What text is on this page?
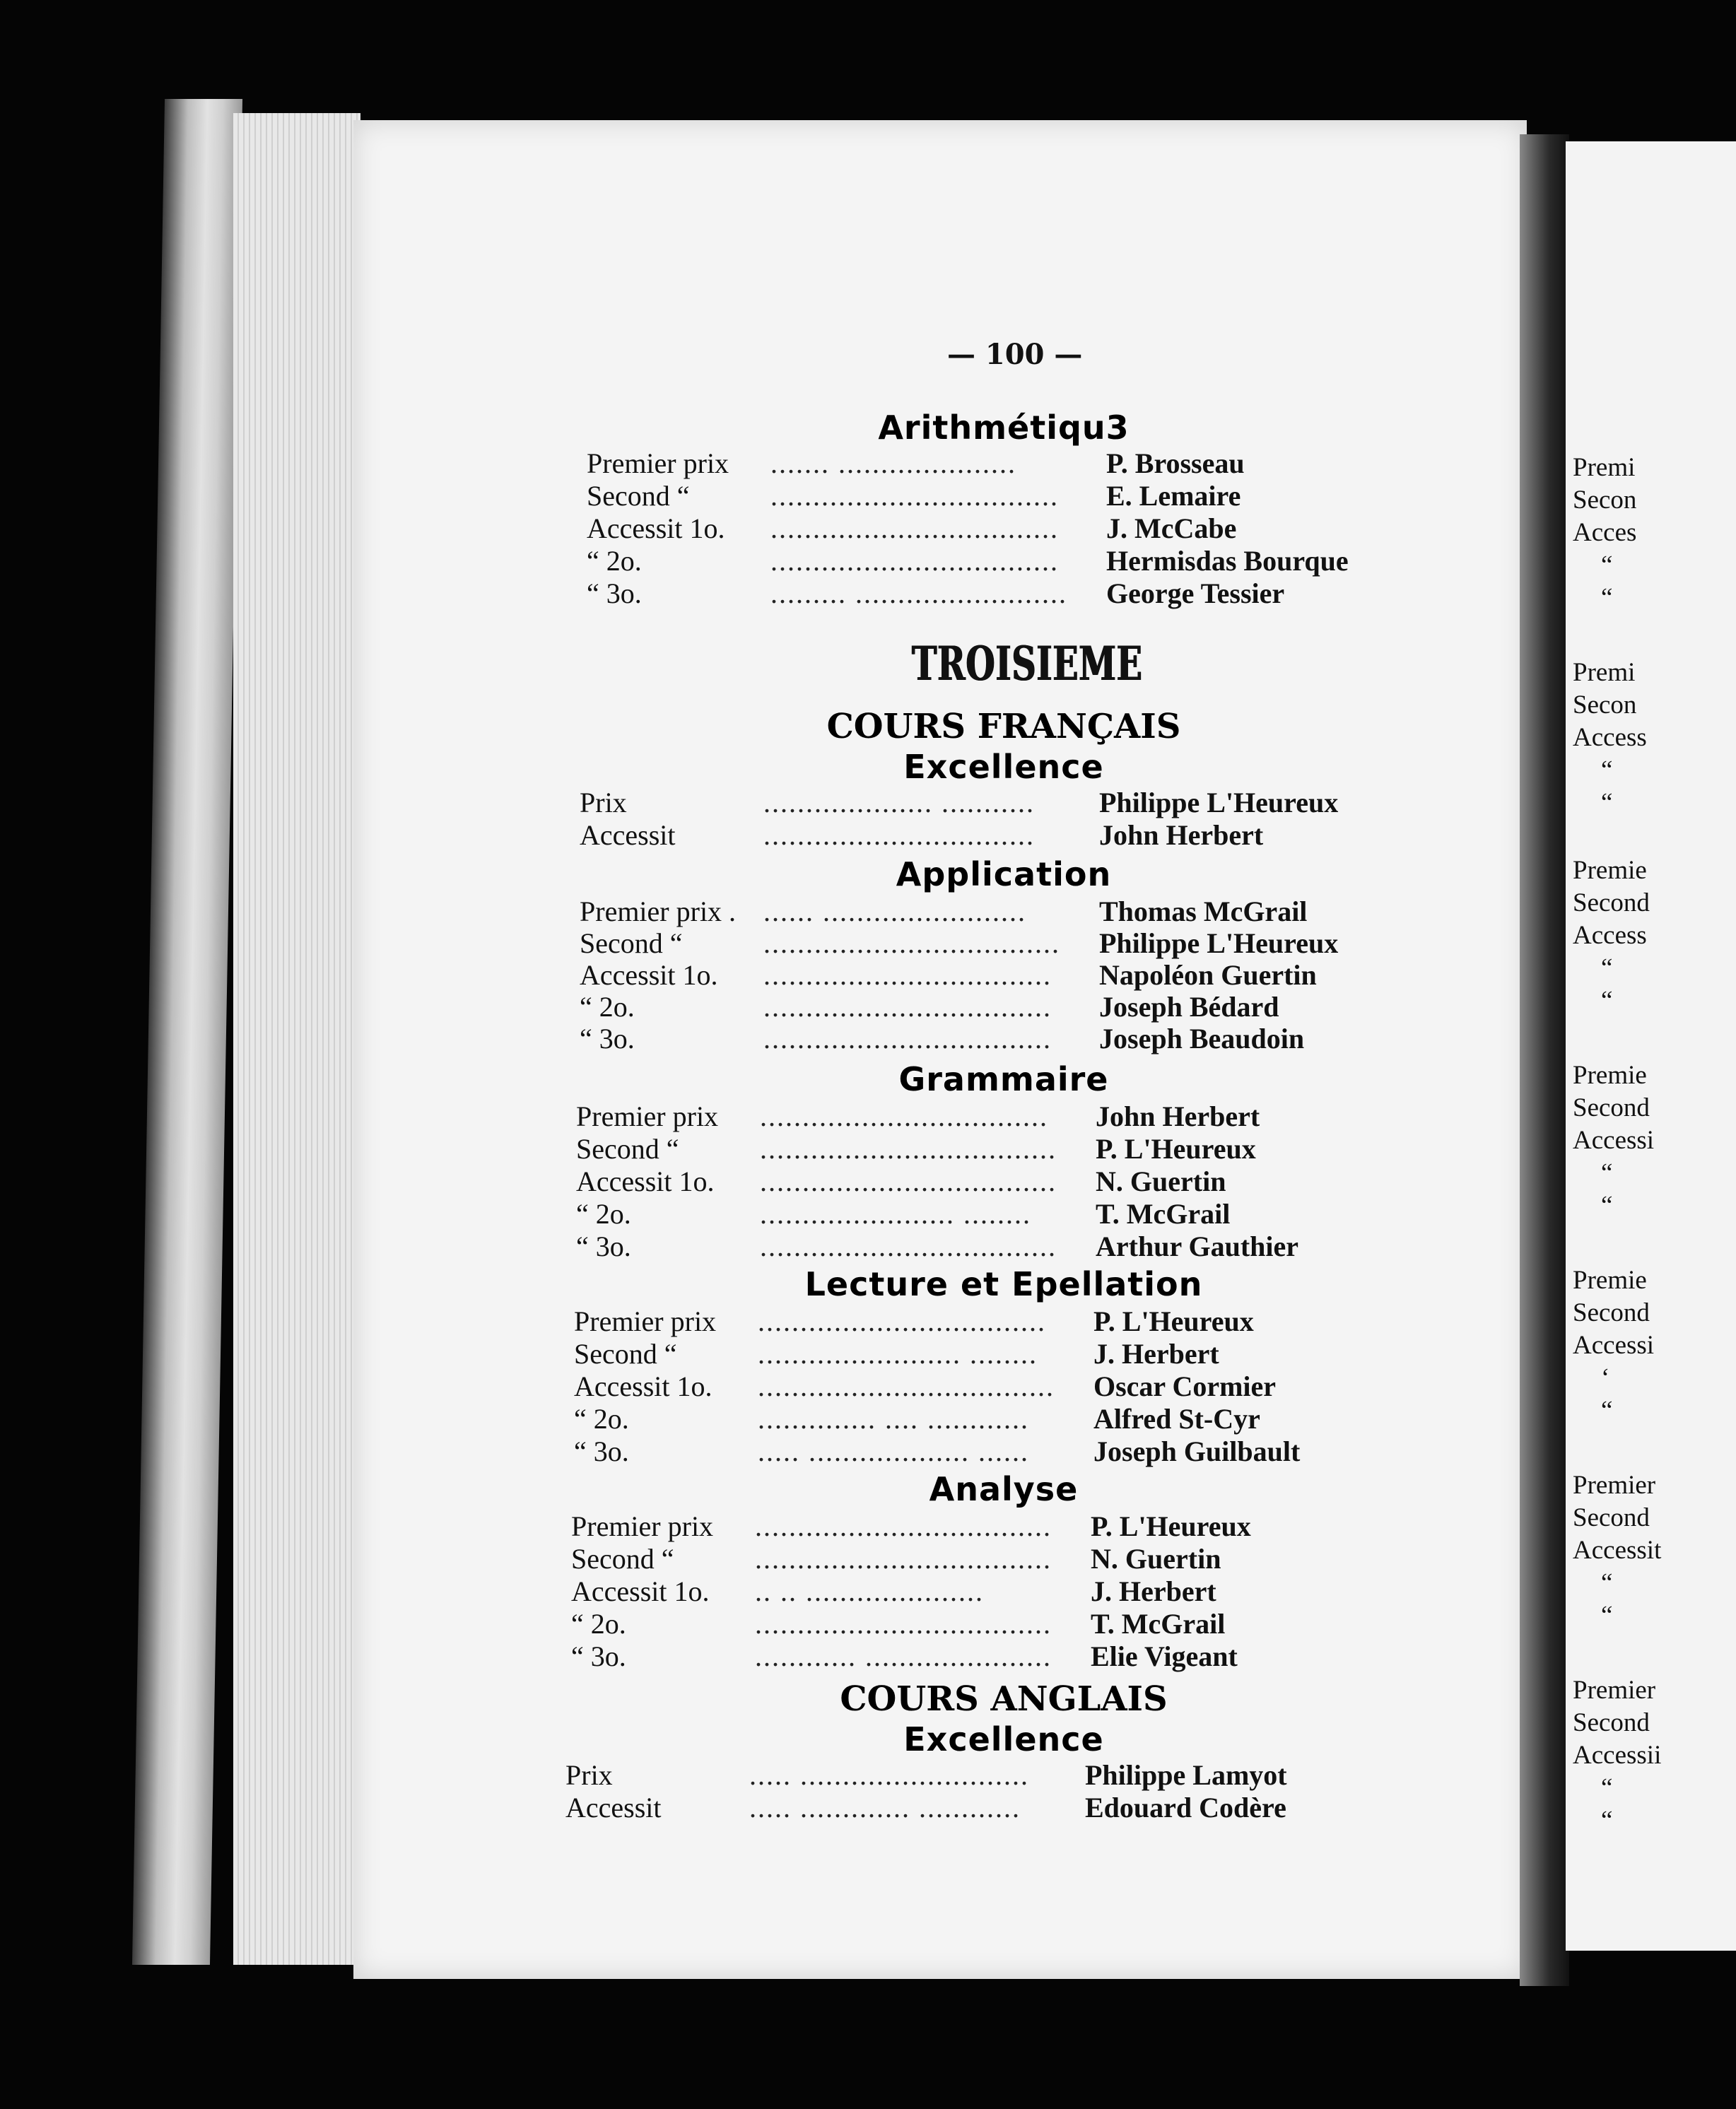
Premi
Secon
Acces
“
“
Premi
Secon
Access
“
“
Premie
Second
Access
“
“
Premie
Second
Accessi
“
“
Premie
Second
Accessi
‘
“
Premier
Second
Accessit
“
“
Premier
Second
Accessii
“
“
— 100 —
Arithmétiqu​3
Premier prix ....... .....................	P. Brosseau
Second “	..................................	E. Lemaire
Accessit 1o. ..................................	J. McCabe
“ 2o.	..................................	Hermisdas Bourque
“ 3o.	......... .........................	George Tessier
TROISIEME
COURS FRANÇAIS
Excellence
Prix	.................... ...........	Philippe L'Heureux
Accessit	................................	John Herbert
Application
Premier prix . ...... ........................	Thomas McGrail
Second “	...................................	Philippe L'Heureux
Accessit 1o. ..................................	Napoléon Guertin
“ 2o.	..................................	Joseph Bédard
“ 3o.	..................................	Joseph Beaudoin
Grammaire
Premier prix ..................................	John Herbert
Second “	...................................	P. L'Heureux
Accessit 1o. ...................................	N. Guertin
“ 2o.	....................... ........	T. McGrail
“ 3o.	...................................	Arthur Gauthier
Lecture et Epellation
Premier prix ..................................	P. L'Heureux
Second “	........................ ........	J. Herbert
Accessit 1o. ...................................	Oscar Cormier
“ 2o.	.............. .... ............	Alfred St-Cyr
“ 3o.	..... ................... ......	Joseph Guilbault
Analyse
Premier prix ...................................	P. L'Heureux
Second “	...................................	N. Guertin
Accessit 1o. .. .. .....................	J. Herbert
“ 2o.	...................................	T. McGrail
“ 3o.	............ ......................	Elie Vigeant
COURS ANGLAIS
Excellence
Prix	..... ...........................	Philippe Lamyot
Accessit	..... ............. ............	Edouard Codère
